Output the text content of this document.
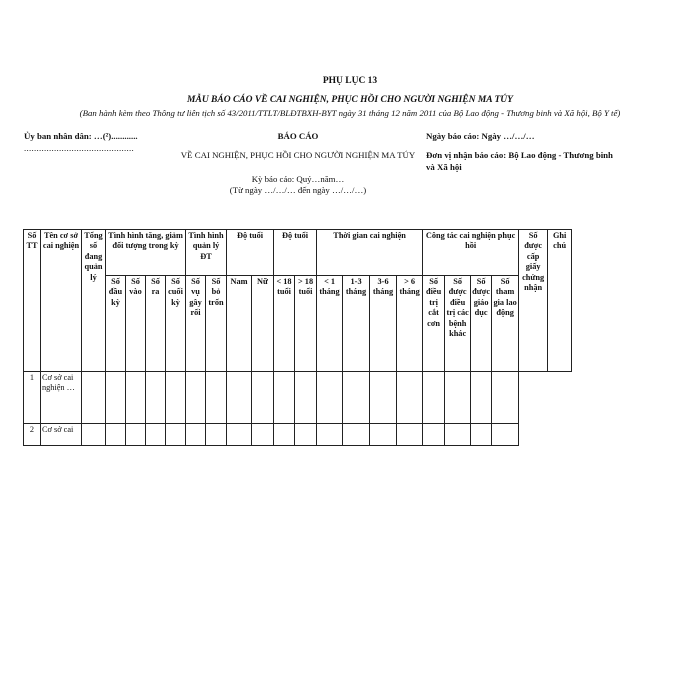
PHỤ LỤC 13
MẪU BÁO CÁO VỀ CAI NGHIỆN, PHỤC HỒI CHO NGƯỜI NGHIỆN MA TÚY
(Ban hành kèm theo Thông tư liên tịch số 43/2011/TTLT/BLĐTBXH-BYT ngày 31 tháng 12 năm 2011 của Bộ Lao động - Thương binh và Xã hội, Bộ Y tế)
Ủy ban nhân dân: …(²)............
............................................
BÁO CÁO
VỀ CAI NGHIỆN, PHỤC HỒI CHO NGƯỜI NGHIỆN MA TÚY
Kỳ báo cáo: Quý…năm…
(Từ ngày …/…/… đến ngày …/…/…)
Ngày báo cáo: Ngày …/…/…
Đơn vị nhận báo cáo: Bộ Lao động - Thương binh và Xã hội
Số TT	Tên cơ sở cai nghiện	Tổng số đang quản lý	Tình hình tăng, giảm đối tượng trong kỳ				Tình hình quản lý ĐT		Độ tuổi		Độ tuổi		Thời gian cai nghiện				Công tác cai nghiện phục hồi				Số được cấp giấy chứng nhận	Ghi chú
			Số đầu kỳ	Số vào	Số ra	Số cuối kỳ	Số vụ gây rối	Số bỏ trốn	Nam	Nữ	< 18 tuổi	> 18 tuổi	< 1 tháng	1-3 tháng	3-6 tháng	> 6 tháng	Số điều trị cắt cơn	Số được điều trị các bệnh khác	Số được giáo dục	Số tham gia lao động		
1	Cơ sở cai nghiện …																					
2	Cơ sở cai																					
